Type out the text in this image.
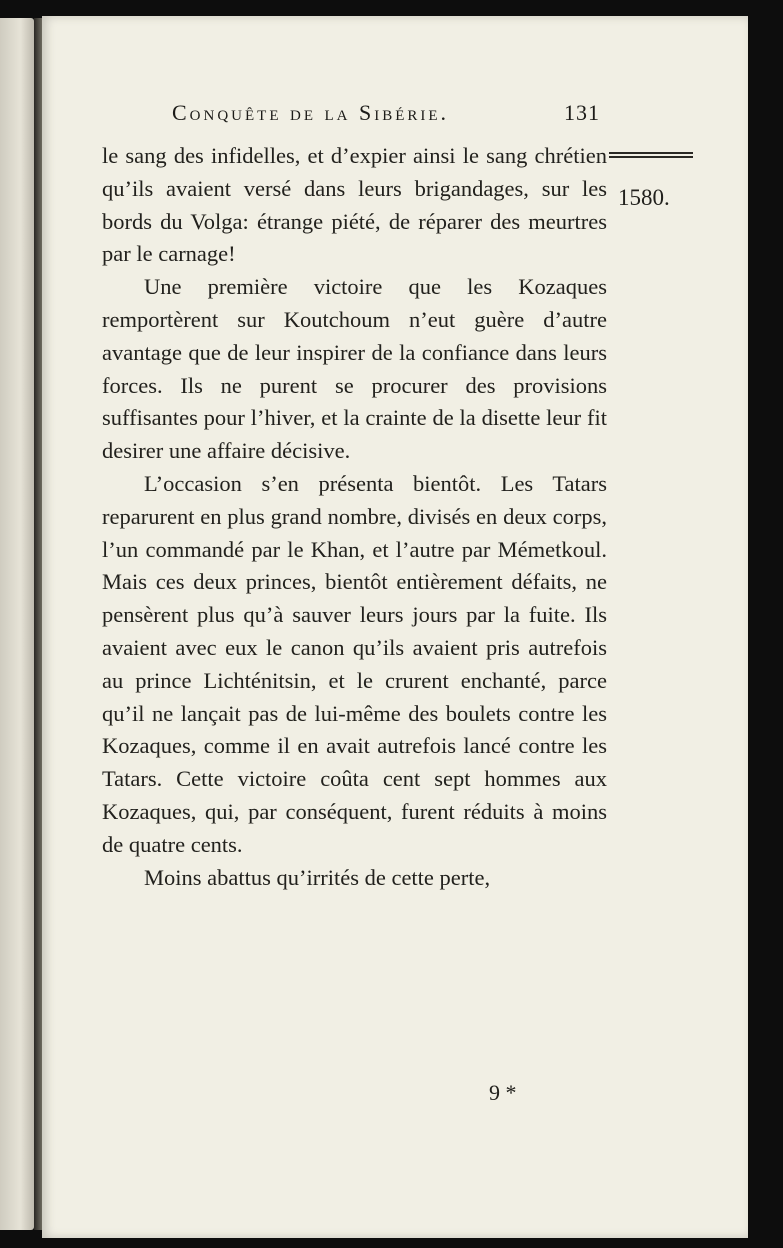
Conquête de la Sibérie.	131
1580.

le sang des infidelles, et d’expier ainsi le sang chrétien qu’ils avaient versé dans leurs brigandages, sur les bords du Volga: étrange piété, de réparer des meurtres par le carnage!

Une première victoire que les Kozaques remportèrent sur Koutchoum n’eut guère d’autre avantage que de leur inspirer de la confiance dans leurs forces. Ils ne purent se procurer des provisions suffisantes pour l’hiver, et la crainte de la disette leur fit desirer une affaire décisive.

L’occasion s’en présenta bientôt. Les Tatars reparurent en plus grand nombre, divisés en deux corps, l’un commandé par le Khan, et l’autre par Mémetkoul. Mais ces deux princes, bientôt entièrement défaits, ne pensèrent plus qu’à sauver leurs jours par la fuite. Ils avaient avec eux le canon qu’ils avaient pris autrefois au prince Lichténitsin, et le crurent enchanté, parce qu’il ne lançait pas de lui-même des boulets contre les Kozaques, comme il en avait autrefois lancé contre les Tatars. Cette victoire coûta cent sept hommes aux Kozaques, qui, par conséquent, furent réduits à moins de quatre cents.

Moins abattus qu’irrités de cette perte,

9 *
